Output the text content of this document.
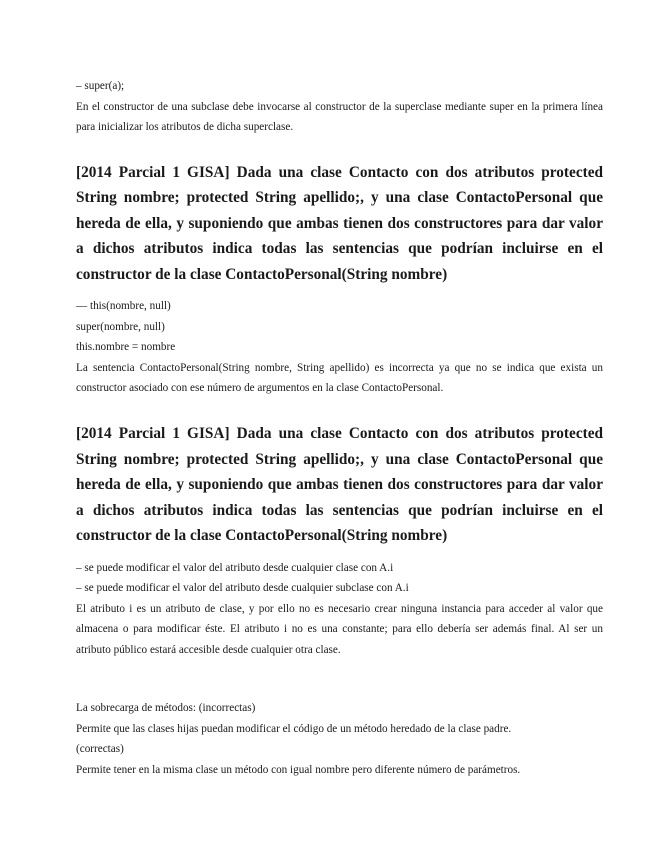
– super(a);

En el constructor de una subclase debe invocarse al constructor de la superclase mediante super en la primera línea para inicializar los atributos de dicha superclase.

[2014 Parcial 1 GISA] Dada una clase Contacto con dos atributos protected String nombre; protected String apellido;, y una clase ContactoPersonal que hereda de ella, y suponiendo que ambas tienen dos constructores para dar valor a dichos atributos indica todas las sentencias que podrían incluirse en el constructor de la clase ContactoPersonal(String nombre)

— this(nombre, null)

super(nombre, null)

this.nombre = nombre

La sentencia ContactoPersonal(String nombre, String apellido) es incorrecta ya que no se indica que exista un constructor asociado con ese número de argumentos en la clase ContactoPersonal.

[2014 Parcial 1 GISA] Dada una clase Contacto con dos atributos protected String nombre; protected String apellido;, y una clase ContactoPersonal que hereda de ella, y suponiendo que ambas tienen dos constructores para dar valor a dichos atributos indica todas las sentencias que podrían incluirse en el constructor de la clase ContactoPersonal(String nombre)

– se puede modificar el valor del atributo desde cualquier clase con A.i

– se puede modificar el valor del atributo desde cualquier subclase con A.i

El atributo i es un atributo de clase, y por ello no es necesario crear ninguna instancia para acceder al valor que almacena o para modificar éste. El atributo i no es una constante; para ello debería ser además final. Al ser un atributo público estará accesible desde cualquier otra clase.

La sobrecarga de métodos: (incorrectas)

Permite que las clases hijas puedan modificar el código de un método heredado de la clase padre.

(correctas)

Permite tener en la misma clase un método con igual nombre pero diferente número de parámetros.
